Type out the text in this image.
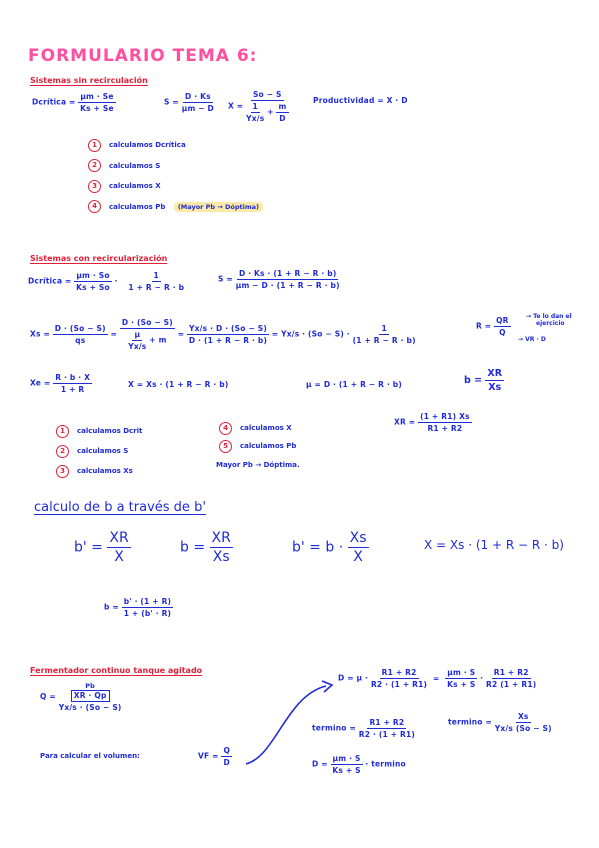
FORMULARIO TEMA 6:
Sistemas sin recirculación
Dcrítica = $\frac{\mu m \cdot Se}{Ks + Se}$	$S = \frac{D \cdot Ks}{\mu m - D}$ $X = \frac{So - S}{\frac{1}{Yx/s} + \frac{m}{D}}$	Productividad = X · D
1 calculamos Dcrítica
2 calculamos S
3 calculamos X
4 calculamos Pb (Mayor Pb → Dóptima)
Sistemas con recircularización
Dcrítica = $\frac{\mu m \cdot So}{Ks + So} \cdot \frac{1}{1 + R - R \cdot b}$	$S = \frac{D \cdot Ks \cdot (1 + R - R \cdot b)}{\mu m - D \cdot (1 + R - R \cdot b)}$
$Xs = \frac{D \cdot (So - S)}{qs} = \frac{D \cdot (So - S)}{\frac{\mu}{Yx/s} + m} = \frac{Yx/s \cdot D \cdot (So - S)}{D \cdot (1 + R - R \cdot b)} = Yx/s \cdot (So - S) \cdot \frac{1}{(1 + R - R \cdot b)}$	$R = \frac{QR}{Q}$	→ Te lo dan el
ejercicio
→ VR · D
$Xe = \frac{R \cdot b \cdot X}{1 + R}$	X = Xs · (1 + R − R · b)	μ = D · (1 + R − R · b)	$b = \frac{XR}{Xs}$
1 calculamos Dcrit
2 calculamos S
3 calculamos Xs
4 calculamos X
5 calculamos Pb
Mayor Pb → Dóptima.
XR = $\frac{(1 + R1) Xs}{R1 + R2}$
calculo de b a través de b'
$b' = \frac{XR}{X}$	$b = \frac{XR}{Xs}$	$b' = b \cdot \frac{Xs}{X}$	X = Xs · (1 + R − R · b)
$b = \frac{b' \cdot (1 + R)}{1 + (b' \cdot R)}$
Fermentador continuo tanque agitado
Q =
Pb
XR · Qp
Yx/s · (So − S)
Para calcular el volumen:	VF = $\frac{Q}{D}$
$D = \mu \cdot \frac{R1 + R2}{R2 \cdot (1 + R1)} = \frac{\mu m \cdot S}{Ks + S} \cdot \frac{R1 + R2}{R2 (1 + R1)}$
$termino = \frac{R1 + R2}{R2 \cdot (1 + R1)}$	$termino = \frac{Xs}{Yx/s (So - S)}$
$D = \frac{\mu m \cdot S}{Ks + S} \cdot termino$
